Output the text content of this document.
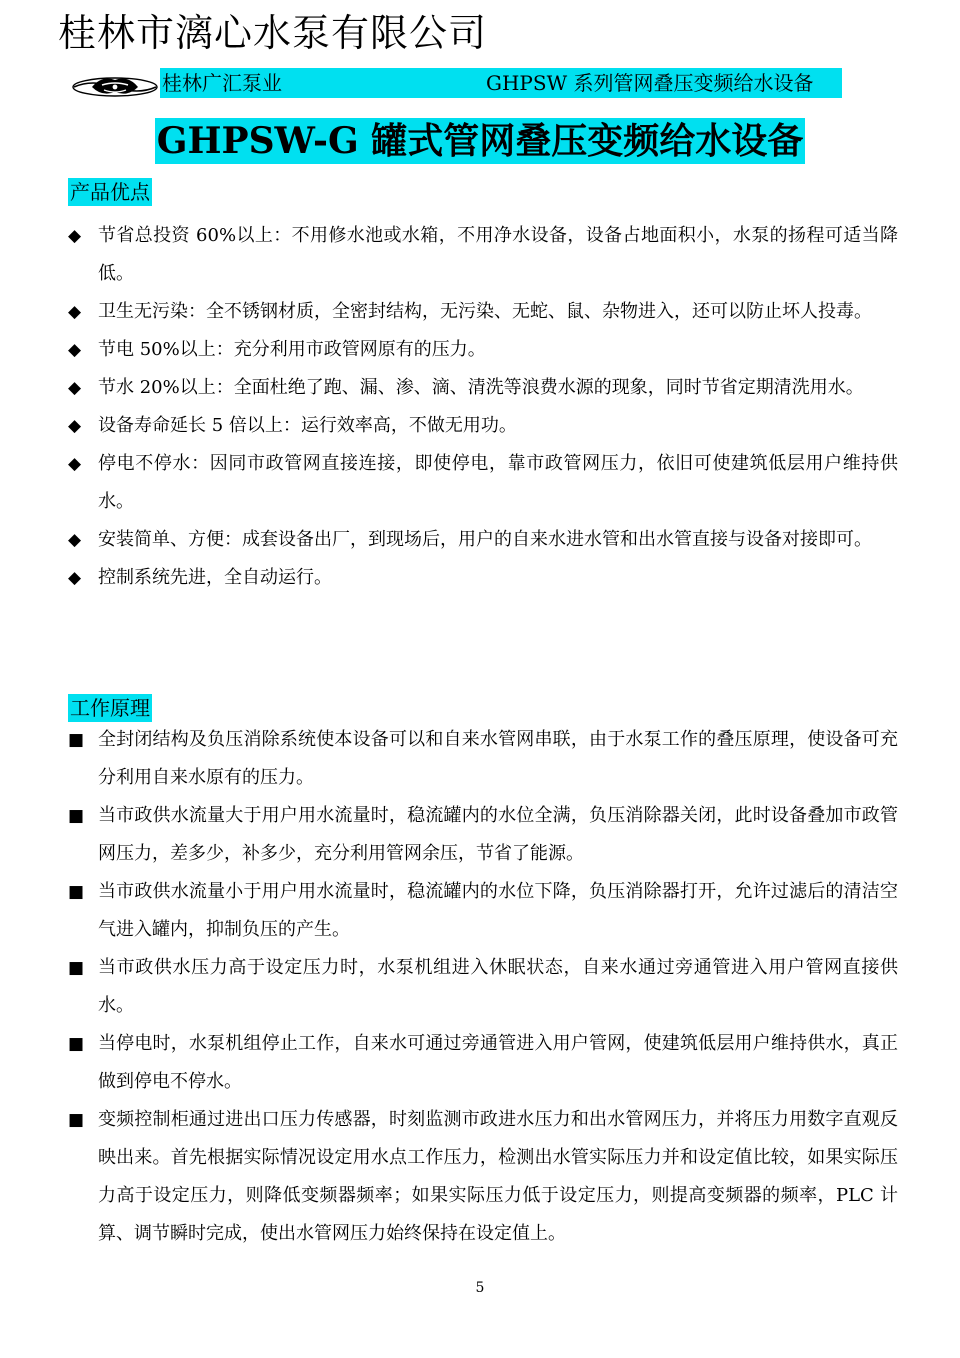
桂林市漓心水泵有限公司
桂林广汇泵业	GHPSW 系列管网叠压变频给水设备
GHPSW-G 罐式管网叠压变频给水设备
产品优点
◆ 节省总投资 60%以上：不用修水池或水箱，不用净水设备，设备占地面积小，水泵的扬程可适当降低。
◆ 卫生无污染：全不锈钢材质，全密封结构，无污染、无蛇、鼠、杂物进入，还可以防止坏人投毒。
◆ 节电 50%以上：充分利用市政管网原有的压力。
◆ 节水 20%以上：全面杜绝了跑、漏、渗、滴、清洗等浪费水源的现象，同时节省定期清洗用水。
◆ 设备寿命延长 5 倍以上：运行效率高，不做无用功。
◆ 停电不停水：因同市政管网直接连接，即使停电，靠市政管网压力，依旧可使建筑低层用户维持供水。
◆ 安装简单、方便：成套设备出厂，到现场后，用户的自来水进水管和出水管直接与设备对接即可。
◆ 控制系统先进，全自动运行。
工作原理
■ 全封闭结构及负压消除系统使本设备可以和自来水管网串联，由于水泵工作的叠压原理，使设备可充分利用自来水原有的压力。
■ 当市政供水流量大于用户用水流量时，稳流罐内的水位全满，负压消除器关闭，此时设备叠加市政管网压力，差多少，补多少，充分利用管网余压，节省了能源。
■ 当市政供水流量小于用户用水流量时，稳流罐内的水位下降，负压消除器打开，允许过滤后的清洁空气进入罐内，抑制负压的产生。
■ 当市政供水压力高于设定压力时，水泵机组进入休眠状态，自来水通过旁通管进入用户管网直接供水。
■ 当停电时，水泵机组停止工作，自来水可通过旁通管进入用户管网，使建筑低层用户维持供水，真正做到停电不停水。
■ 变频控制柜通过进出口压力传感器，时刻监测市政进水压力和出水管网压力，并将压力用数字直观反映出来。首先根据实际情况设定用水点工作压力，检测出水管实际压力并和设定值比较，如果实际压力高于设定压力，则降低变频器频率；如果实际压力低于设定压力，则提高变频器的频率，PLC 计算、调节瞬时完成，使出水管网压力始终保持在设定值上。
5
